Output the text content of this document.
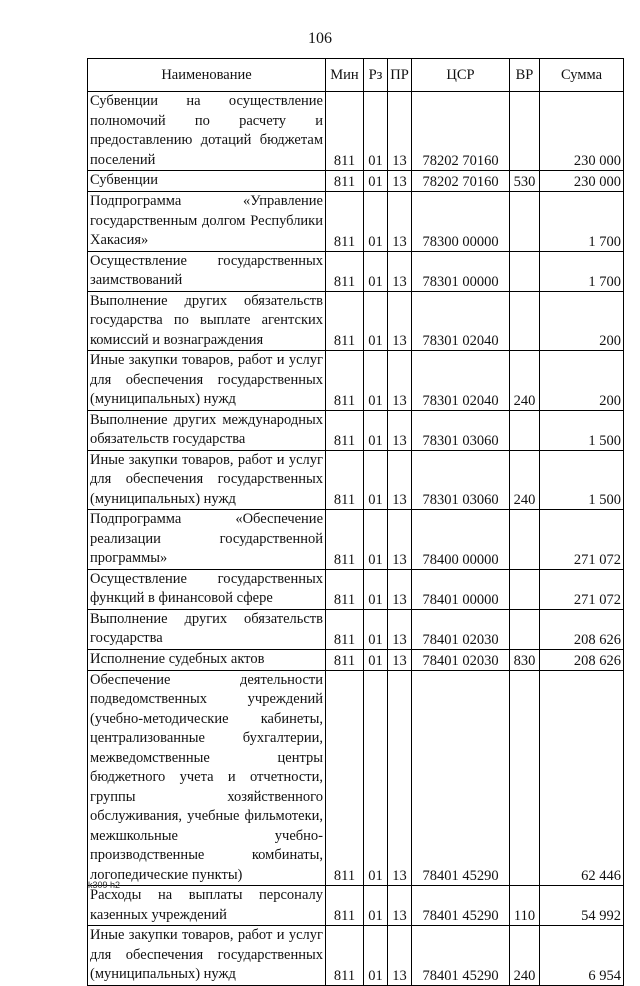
106
Наименование	Мин	Рз	ПР	ЦСР	ВР	Сумма
Субвенции на осуществление полномочий по расчету и предоставлению дотаций бюджетам поселений	811	01	13	78202 70160		230 000
Субвенции	811	01	13	78202 70160	530	230 000
Подпрограмма «Управление государственным долгом Республики Хакасия»	811	01	13	78300 00000		1 700
Осуществление государственных заимствований	811	01	13	78301 00000		1 700
Выполнение других обязательств государства по выплате агентских комиссий и вознаграждения	811	01	13	78301 02040		200
Иные закупки товаров, работ и услуг для обеспечения государственных (муниципальных) нужд	811	01	13	78301 02040	240	200
Выполнение других международных обязательств государства	811	01	13	78301 03060		1 500
Иные закупки товаров, работ и услуг для обеспечения государственных (муниципальных) нужд	811	01	13	78301 03060	240	1 500
Подпрограмма «Обеспечение реализации государственной программы»	811	01	13	78400 00000		271 072
Осуществление государственных функций в финансовой сфере	811	01	13	78401 00000		271 072
Выполнение других обязательств государства	811	01	13	78401 02030		208 626
Исполнение судебных актов	811	01	13	78401 02030	830	208 626
Обеспечение деятельности подведомственных учреждений (учебно-методические кабинеты, централизованные бухгалтерии, межведомственные центры бюджетного учета и отчетности, группы хозяйственного обслуживания, учебные фильмотеки, межшкольные учебно-производственные комбинаты, логопедические пункты)	811	01	13	78401 45290		62 446
Расходы на выплаты персоналу казенных учреждений	811	01	13	78401 45290	110	54 992
Иные закупки товаров, работ и услуг для обеспечения государственных (муниципальных) нужд	811	01	13	78401 45290	240	6 954
k309 h2
